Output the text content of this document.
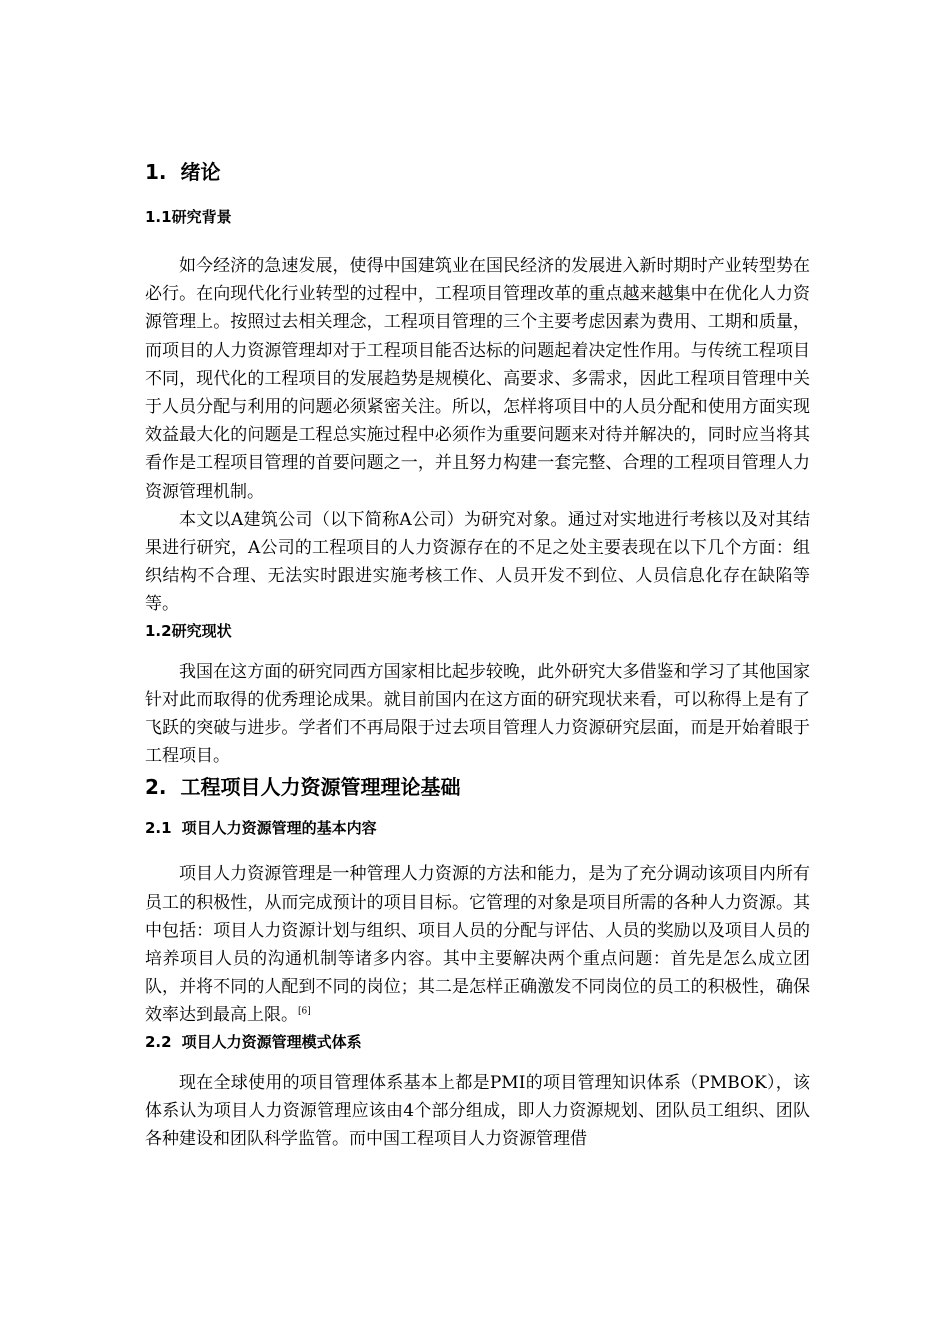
1. 绪论
1.1研究背景

如今经济的急速发展，使得中国建筑业在国民经济的发展进入新时期时产业转型势在必行。在向现代化行业转型的过程中，工程项目管理改革的重点越来越集中在优化人力资源管理上。按照过去相关理念，工程项目管理的三个主要考虑因素为费用、工期和质量，而项目的人力资源管理却对于工程项目能否达标的问题起着决定性作用。与传统工程项目不同，现代化的工程项目的发展趋势是规模化、高要求、多需求，因此工程项目管理中关于人员分配与利用的问题必须紧密关注。所以，怎样将项目中的人员分配和使用方面实现效益最大化的问题是工程总实施过程中必须作为重要问题来对待并解决的，同时应当将其看作是工程项目管理的首要问题之一，并且努力构建一套完整、合理的工程项目管理人力资源管理机制。

本文以A建筑公司（以下简称A公司）为研究对象。通过对实地进行考核以及对其结果进行研究，A公司的工程项目的人力资源存在的不足之处主要表现在以下几个方面：组织结构不合理、无法实时跟进实施考核工作、人员开发不到位、人员信息化存在缺陷等等。

1.2研究现状

我国在这方面的研究同西方国家相比起步较晚，此外研究大多借鉴和学习了其他国家针对此而取得的优秀理论成果。就目前国内在这方面的研究现状来看，可以称得上是有了飞跃的突破与进步。学者们不再局限于过去项目管理人力资源研究层面，而是开始着眼于工程项目。

2. 工程项目人力资源管理理论基础
2.1 项目人力资源管理的基本内容

项目人力资源管理是一种管理人力资源的方法和能力，是为了充分调动该项目内所有员工的积极性，从而完成预计的项目目标。它管理的对象是项目所需的各种人力资源。其中包括：项目人力资源计划与组织、项目人员的分配与评估、人员的奖励以及项目人员的培养项目人员的沟通机制等诸多内容。其中主要解决两个重点问题：首先是怎么成立团队，并将不同的人配到不同的岗位；其二是怎样正确激发不同岗位的员工的积极性，确保效率达到最高上限。[6]

2.2 项目人力资源管理模式体系

现在全球使用的项目管理体系基本上都是PMI的项目管理知识体系（PMBOK），该体系认为项目人力资源管理应该由4个部分组成，即人力资源规划、团队员工组织、团队各种建设和团队科学监管。而中国工程项目人力资源管理借
